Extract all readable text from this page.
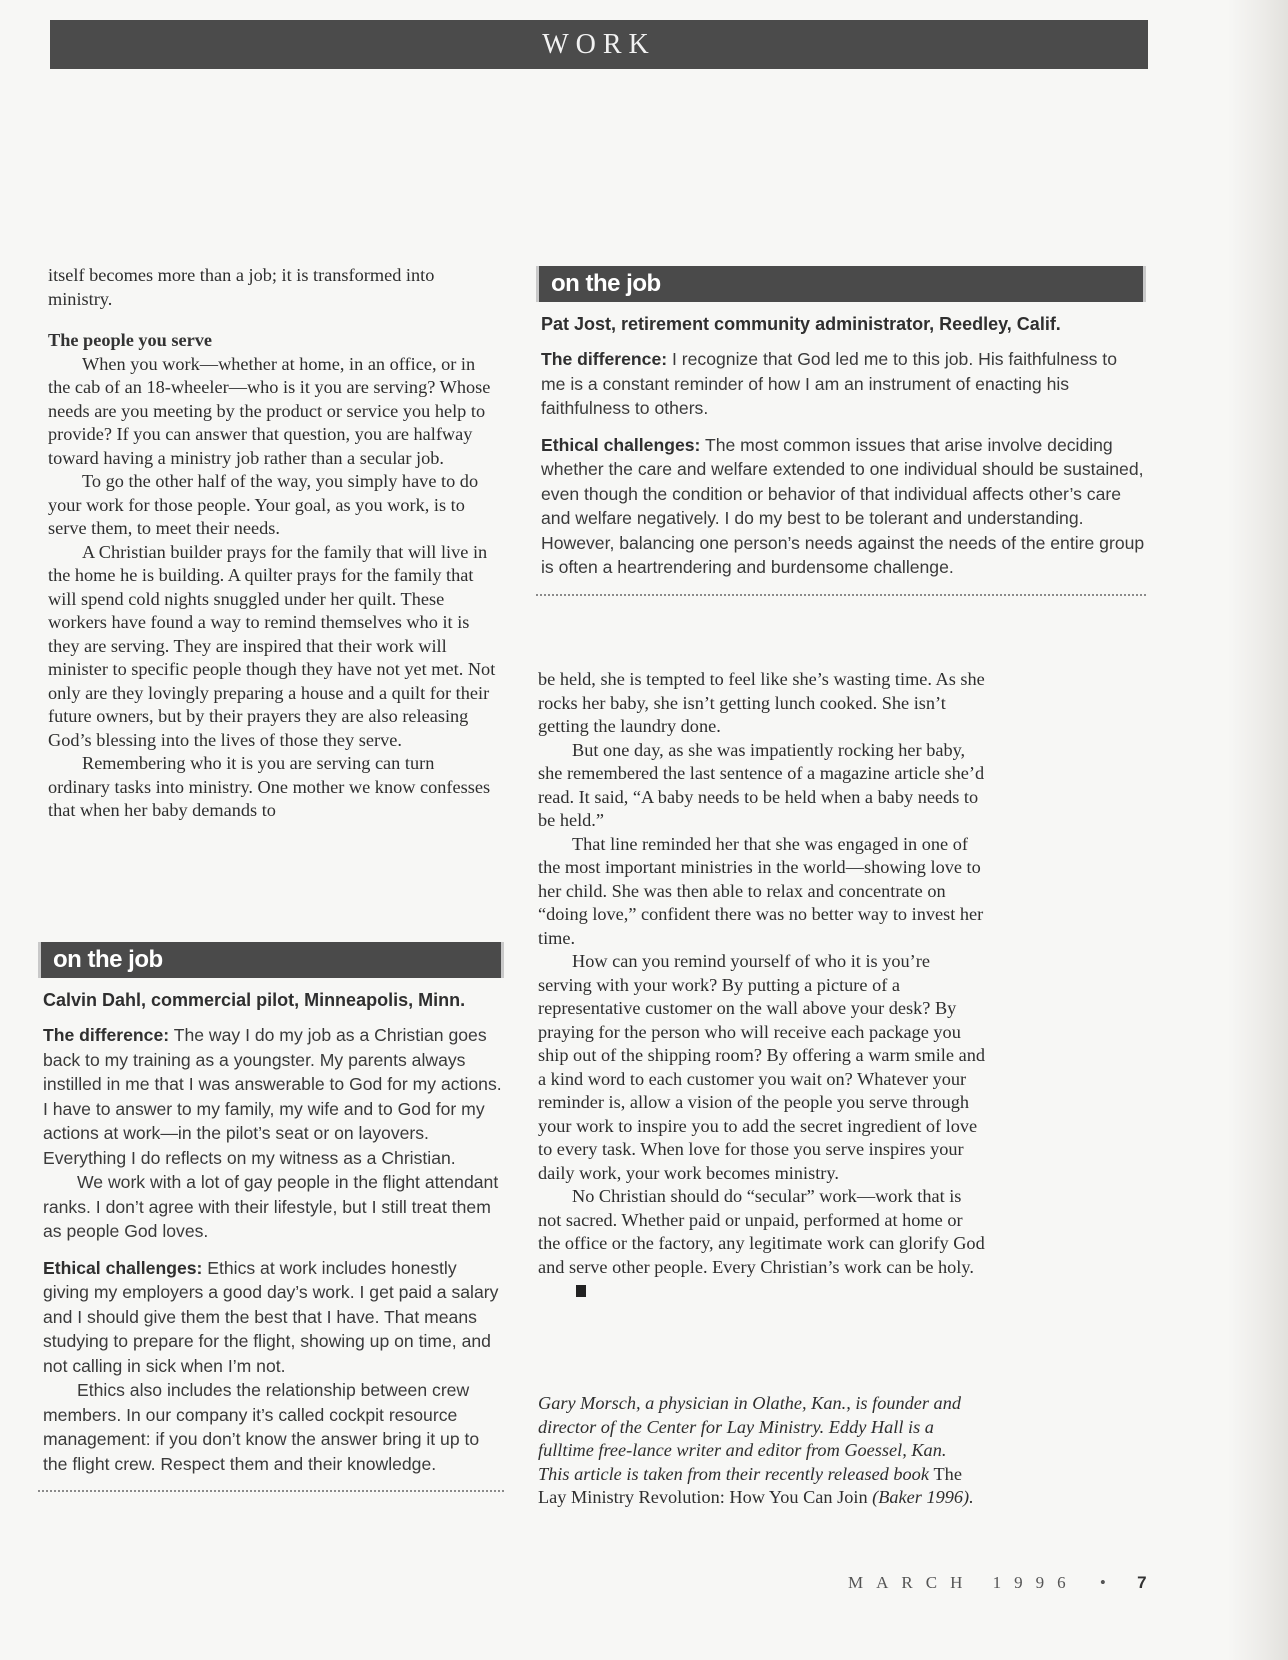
WORK

itself becomes more than a job; it is transformed into ministry.

The people you serve

When you work—whether at home, in an office, or in the cab of an 18-wheeler—who is it you are serving? Whose needs are you meeting by the product or service you help to provide? If you can answer that question, you are halfway toward having a ministry job rather than a secular job.

To go the other half of the way, you simply have to do your work for those people. Your goal, as you work, is to serve them, to meet their needs.

A Christian builder prays for the family that will live in the home he is building. A quilter prays for the family that will spend cold nights snuggled under her quilt. These workers have found a way to remind themselves who it is they are serving. They are inspired that their work will minister to specific people though they have not yet met. Not only are they lovingly preparing a house and a quilt for their future owners, but by their prayers they are also releasing God’s blessing into the lives of those they serve.

Remembering who it is you are serving can turn ordinary tasks into ministry. One mother we know confesses that when her baby demands to

on the job
Calvin Dahl, commercial pilot, Minneapolis, Minn.
The difference: The way I do my job as a Christian goes back to my training as a youngster. My parents always instilled in me that I was answerable to God for my actions. I have to answer to my family, my wife and to God for my actions at work—in the pilot’s seat or on layovers. Everything I do reflects on my witness as a Christian.
We work with a lot of gay people in the flight attendant ranks. I don’t agree with their lifestyle, but I still treat them as people God loves.
Ethical challenges: Ethics at work includes honestly giving my employers a good day’s work. I get paid a salary and I should give them the best that I have. That means studying to prepare for the flight, showing up on time, and not calling in sick when I’m not.
Ethics also includes the relationship between crew members. In our company it’s called cockpit resource management: if you don’t know the answer bring it up to the flight crew. Respect them and their knowledge.
on the job
Pat Jost, retirement community administrator, Reedley, Calif.
The difference: I recognize that God led me to this job. His faithfulness to me is a constant reminder of how I am an instrument of enacting his faithfulness to others.
Ethical challenges: The most common issues that arise involve deciding whether the care and welfare extended to one individual should be sustained, even though the condition or behavior of that individual affects other’s care and welfare negatively. I do my best to be tolerant and understanding. However, balancing one person’s needs against the needs of the entire group is often a heartrendering and burdensome challenge.

be held, she is tempted to feel like she’s wasting time. As she rocks her baby, she isn’t getting lunch cooked. She isn’t getting the laundry done.

But one day, as she was impatiently rocking her baby, she remembered the last sentence of a magazine article she’d read. It said, “A baby needs to be held when a baby needs to be held.”

That line reminded her that she was engaged in one of the most important ministries in the world—showing love to her child. She was then able to relax and concentrate on “doing love,” confident there was no better way to invest her time.

How can you remind yourself of who it is you’re serving with your work? By putting a picture of a representative customer on the wall above your desk? By praying for the person who will receive each package you ship out of the shipping room? By offering a warm smile and a kind word to each customer you wait on? Whatever your reminder is, allow a vision of the people you serve through your work to inspire you to add the secret ingredient of love to every task. When love for those you serve inspires your daily work, your work becomes ministry.

No Christian should do “secular” work—work that is not sacred. Whether paid or unpaid, performed at home or the office or the factory, any legitimate work can glorify God and serve other people. Every Christian’s work can be holy.

Gary Morsch, a physician in Olathe, Kan., is founder and director of the Center for Lay Ministry. Eddy Hall is a fulltime free-lance writer and editor from Goessel, Kan. This article is taken from their recently released book The Lay Ministry Revolution: How You Can Join (Baker 1996).
MARCH 1996 • 7
